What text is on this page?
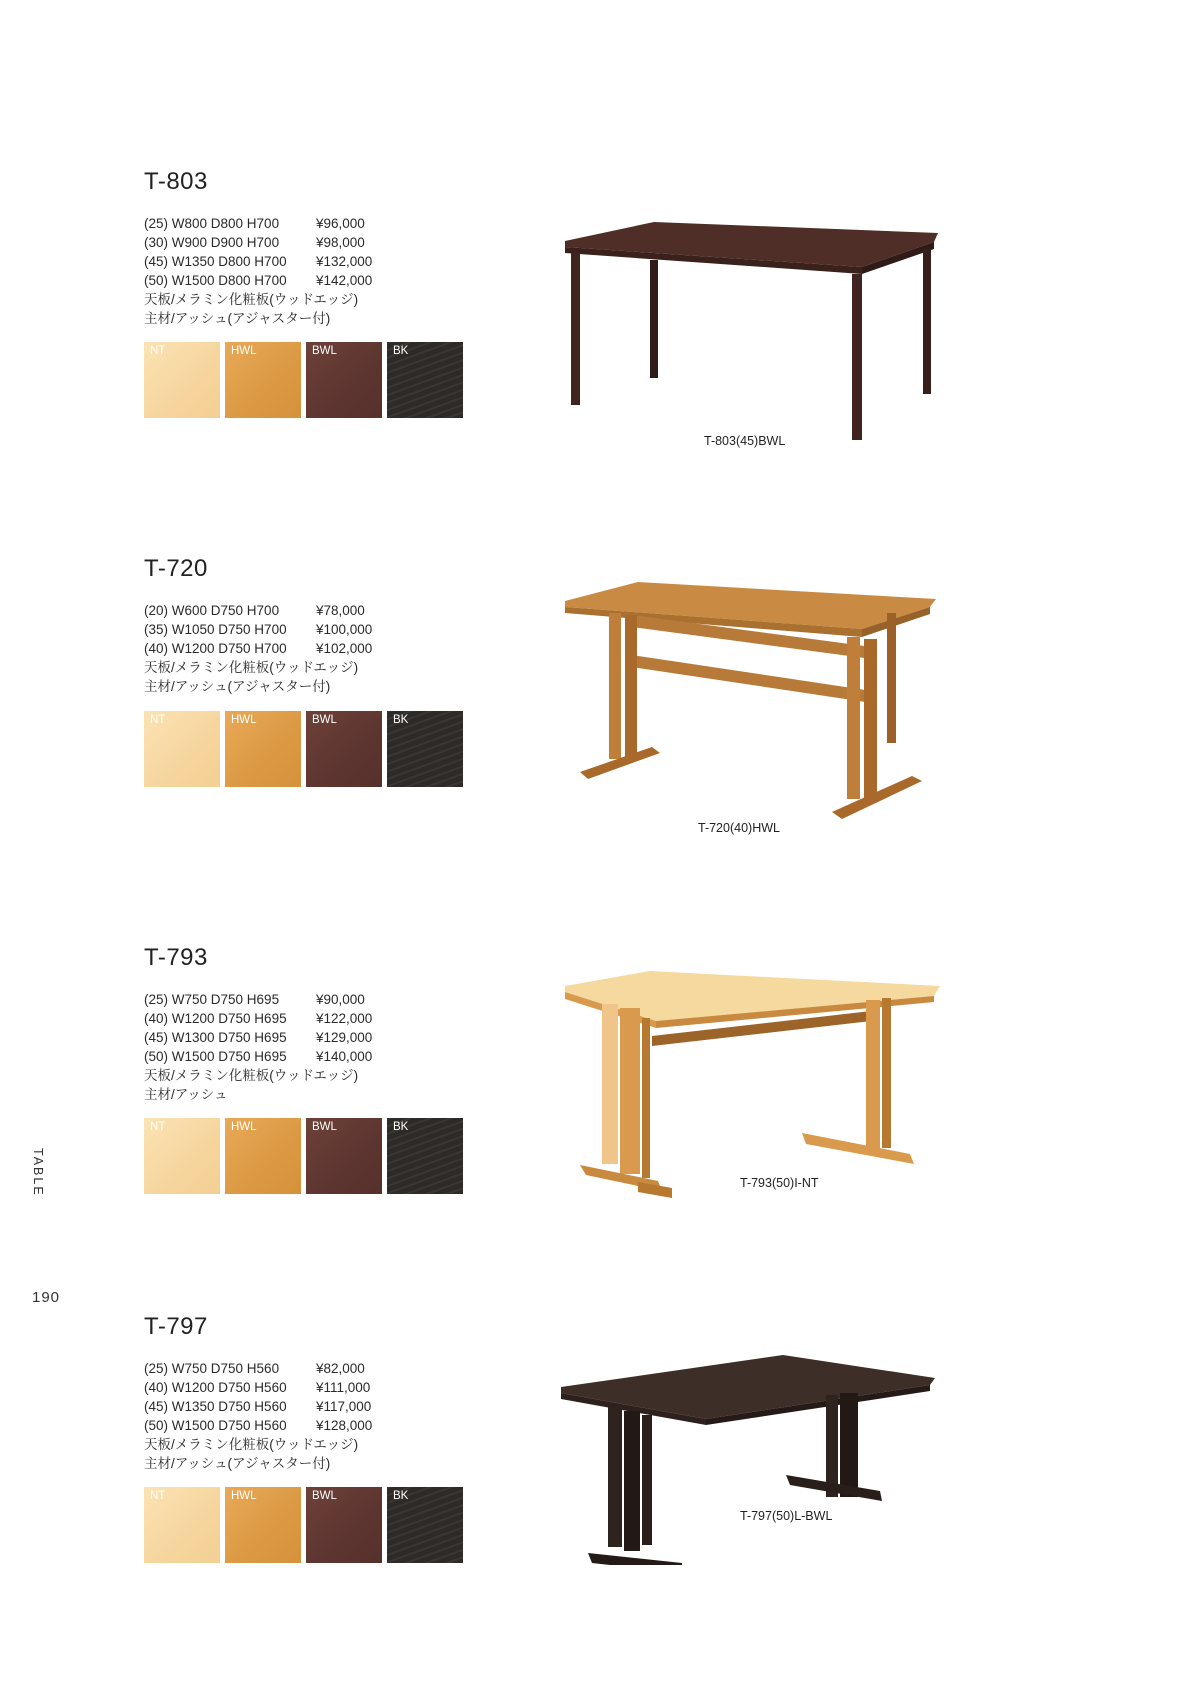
T-803
(25) W800 D800 H700	¥96,000
(30) W900 D900 H700	¥98,000
(45) W1350 D800 H700	¥132,000
(50) W1500 D800 H700	¥142,000
天板/メラミン化粧板(ウッドエッジ)
主材/アッシュ(アジャスター付)
NT	HWL	BWL	BK
T-803(45)BWL
T-720
(20) W600 D750 H700	¥78,000
(35) W1050 D750 H700	¥100,000
(40) W1200 D750 H700	¥102,000
天板/メラミン化粧板(ウッドエッジ)
主材/アッシュ(アジャスター付)
NT	HWL	BWL	BK
T-720(40)HWL
T-793
(25) W750 D750 H695	¥90,000
(40) W1200 D750 H695	¥122,000
(45) W1300 D750 H695	¥129,000
(50) W1500 D750 H695	¥140,000
天板/メラミン化粧板(ウッドエッジ)
主材/アッシュ
NT	HWL	BWL	BK
T-793(50)I-NT
T-797
(25) W750 D750 H560	¥82,000
(40) W1200 D750 H560	¥111,000
(45) W1350 D750 H560	¥117,000
(50) W1500 D750 H560	¥128,000
天板/メラミン化粧板(ウッドエッジ)
主材/アッシュ(アジャスター付)
NT	HWL	BWL	BK
T-797(50)L-BWL
TABLE
190
